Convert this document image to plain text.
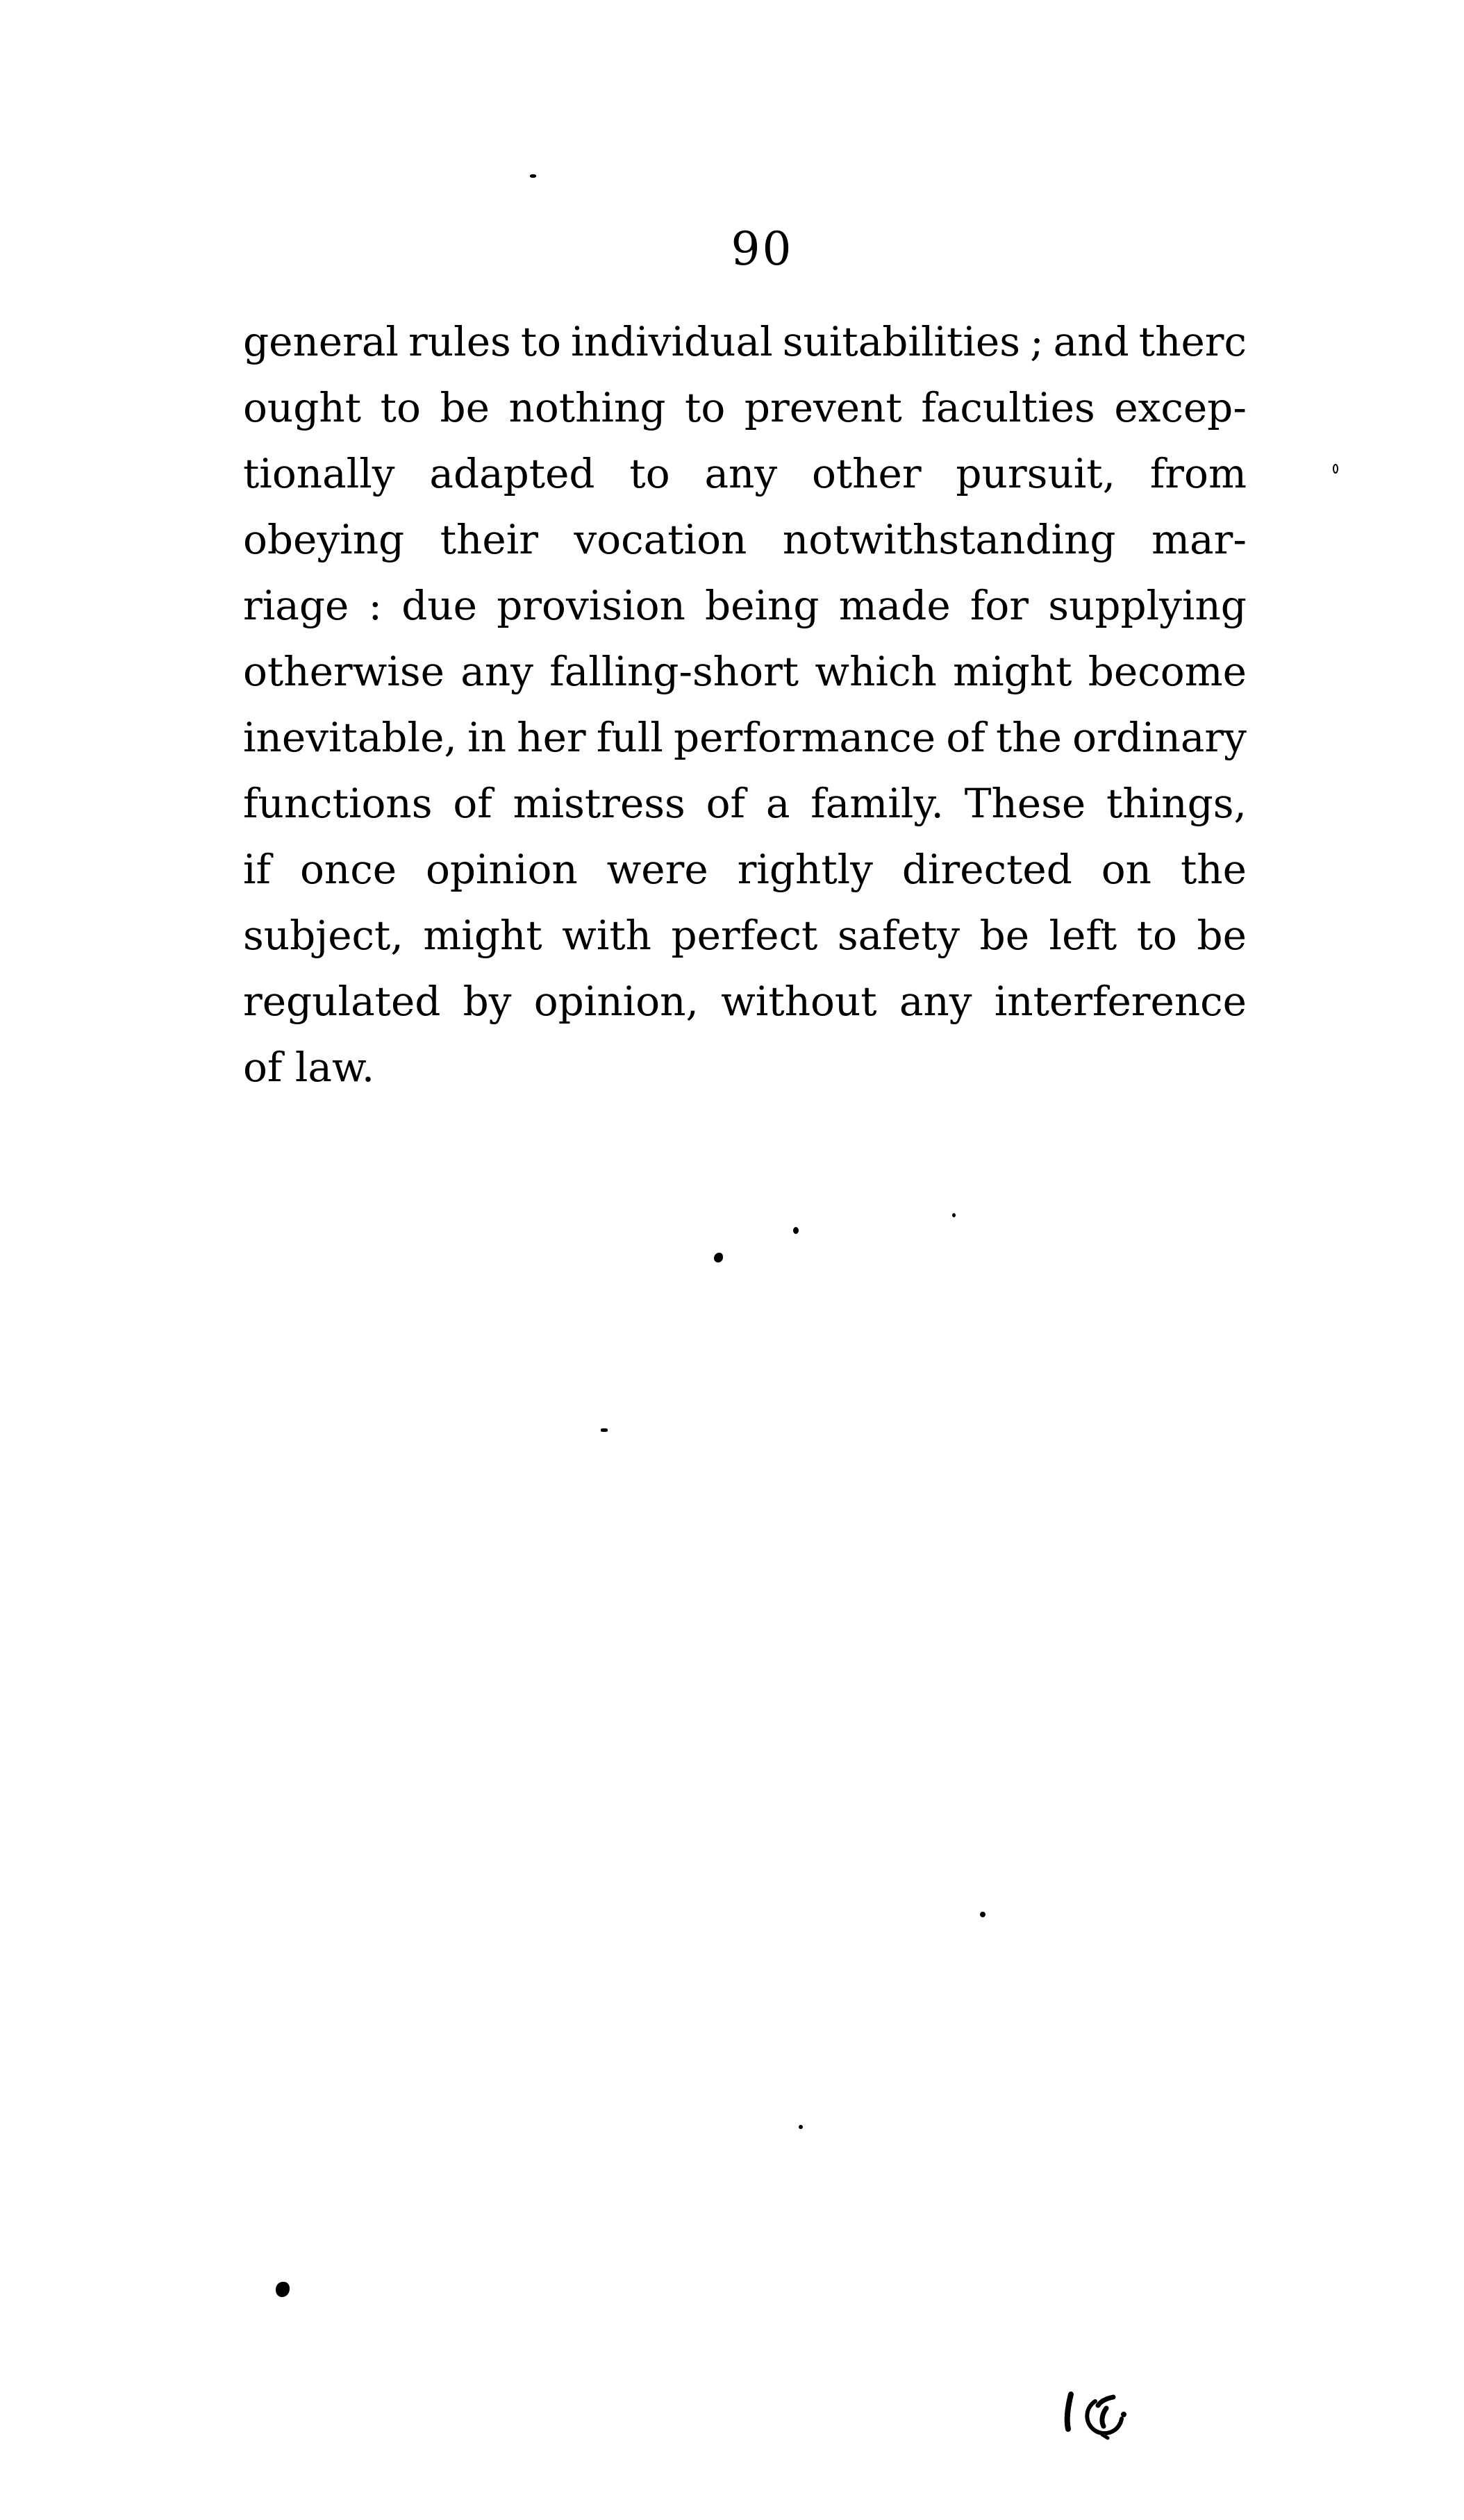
90
general rules to individual suitabilities ; and therc
ought to be nothing to prevent faculties excep-
tionally adapted to any other pursuit, from
obeying their vocation notwithstanding mar-
riage : due provision being made for supplying
otherwise any falling-short which might become
inevitable, in her full performance of the ordinary
functions of mistress of a family. These things,
if once opinion were rightly directed on the
subject, might with perfect safety be left to be
regulated by opinion, without any interference
of law.
